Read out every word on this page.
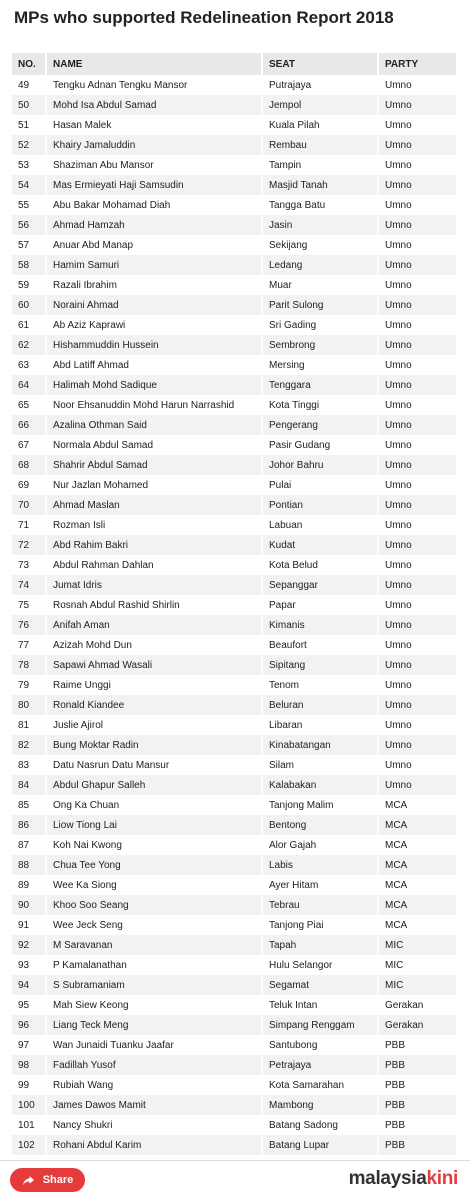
MPs who supported Redelineation Report 2018
NO.	NAME	SEAT	PARTY
49	Tengku Adnan Tengku Mansor	Putrajaya	Umno
50	Mohd Isa Abdul Samad	Jempol	Umno
51	Hasan Malek	Kuala Pilah	Umno
52	Khairy Jamaluddin	Rembau	Umno
53	Shaziman Abu Mansor	Tampin	Umno
54	Mas Ermieyati Haji Samsudin	Masjid Tanah	Umno
55	Abu Bakar Mohamad Diah	Tangga Batu	Umno
56	Ahmad Hamzah	Jasin	Umno
57	Anuar Abd Manap	Sekijang	Umno
58	Hamim Samuri	Ledang	Umno
59	Razali Ibrahim	Muar	Umno
60	Noraini Ahmad	Parit Sulong	Umno
61	Ab Aziz Kaprawi	Sri Gading	Umno
62	Hishammuddin Hussein	Sembrong	Umno
63	Abd Latiff Ahmad	Mersing	Umno
64	Halimah Mohd Sadique	Tenggara	Umno
65	Noor Ehsanuddin Mohd Harun Narrashid	Kota Tinggi	Umno
66	Azalina Othman Said	Pengerang	Umno
67	Normala Abdul Samad	Pasir Gudang	Umno
68	Shahrir Abdul Samad	Johor Bahru	Umno
69	Nur Jazlan Mohamed	Pulai	Umno
70	Ahmad Maslan	Pontian	Umno
71	Rozman Isli	Labuan	Umno
72	Abd Rahim Bakri	Kudat	Umno
73	Abdul Rahman Dahlan	Kota Belud	Umno
74	Jumat Idris	Sepanggar	Umno
75	Rosnah Abdul Rashid Shirlin	Papar	Umno
76	Anifah Aman	Kimanis	Umno
77	Azizah Mohd Dun	Beaufort	Umno
78	Sapawi Ahmad Wasali	Sipitang	Umno
79	Raime Unggi	Tenom	Umno
80	Ronald Kiandee	Beluran	Umno
81	Juslie Ajirol	Libaran	Umno
82	Bung Moktar Radin	Kinabatangan	Umno
83	Datu Nasrun Datu Mansur	Silam	Umno
84	Abdul Ghapur Salleh	Kalabakan	Umno
85	Ong Ka Chuan	Tanjong Malim	MCA
86	Liow Tiong Lai	Bentong	MCA
87	Koh Nai Kwong	Alor Gajah	MCA
88	Chua Tee Yong	Labis	MCA
89	Wee Ka Siong	Ayer Hitam	MCA
90	Khoo Soo Seang	Tebrau	MCA
91	Wee Jeck Seng	Tanjong Piai	MCA
92	M Saravanan	Tapah	MIC
93	P Kamalanathan	Hulu Selangor	MIC
94	S Subramaniam	Segamat	MIC
95	Mah Siew Keong	Teluk Intan	Gerakan
96	Liang Teck Meng	Simpang Renggam	Gerakan
97	Wan Junaidi Tuanku Jaafar	Santubong	PBB
98	Fadillah Yusof	Petrajaya	PBB
99	Rubiah Wang	Kota Samarahan	PBB
100	James Dawos Mamit	Mambong	PBB
101	Nancy Shukri	Batang Sadong	PBB
102	Rohani Abdul Karim	Batang Lupar	PBB
Share	malaysiakini
